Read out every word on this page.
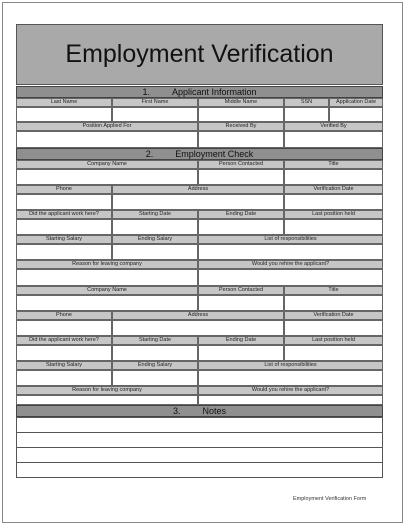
Employment Verification
1. Applicant Information
Last Name	First Name	Middle Name	SSN	Application Date
Position Applied For	Received By	Verified By
2. Employment Check
Company Name	Person Contacted	Title
Phone	Address	Verification Date
Did the applicant work here?	Starting Date	Ending Date	Last position held
Starting Salary	Ending Salary	List of responsibilities
Reason for leaving company	Would you rehire the applicant?
Company Name	Person Contacted	Title
Phone	Address	Verification Date
Did the applicant work here?	Starting Date	Ending Date	Last position held
Starting Salary	Ending Salary	List of responsibilities
Reason for leaving company	Would you rehire the applicant?
3. Notes
Employment Verification Form
